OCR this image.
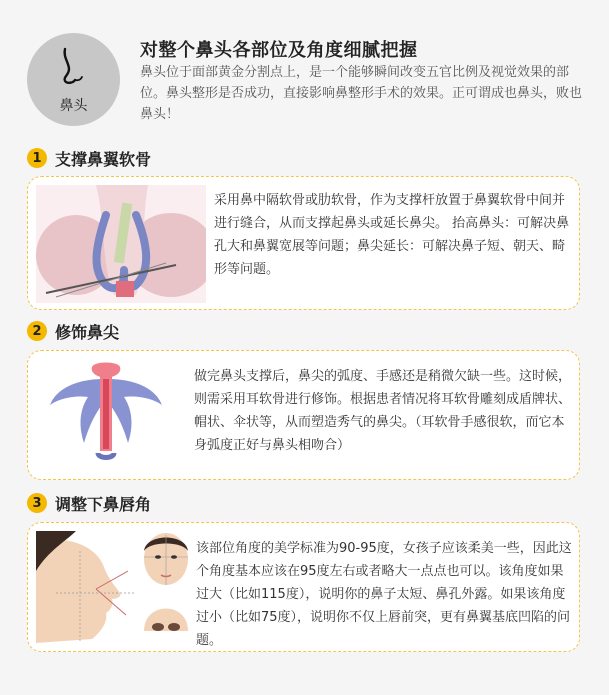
鼻头
对整个鼻头各部位及角度细腻把握
鼻头位于面部黄金分割点上，是一个能够瞬间改变五官比例及视觉效果的部位。鼻头整形是否成功，直接影响鼻整形手术的效果。正可谓成也鼻头，败也鼻头！
1 支撑鼻翼软骨
采用鼻中隔软骨或肋软骨，作为支撑杆放置于鼻翼软骨中间并进行缝合，从而支撑起鼻头或延长鼻尖。 抬高鼻头：可解决鼻孔大和鼻翼宽展等问题；鼻尖延长：可解决鼻子短、朝天、畸形等问题。
2 修饰鼻尖
做完鼻头支撑后，鼻尖的弧度、手感还是稍微欠缺一些。这时候，则需采用耳软骨进行修饰。根据患者情况将耳软骨雕刻成盾牌状、帽状、伞状等，从而塑造秀气的鼻尖。（耳软骨手感很软，而它本身弧度正好与鼻头相吻合）
3 调整下鼻唇角
该部位角度的美学标准为90-95度，女孩子应该柔美一些，因此这个角度基本应该在95度左右或者略大一点点也可以。该角度如果过大（比如115度），说明你的鼻子太短、鼻孔外露。如果该角度过小（比如75度），说明你不仅上唇前突，更有鼻翼基底凹陷的问题。
